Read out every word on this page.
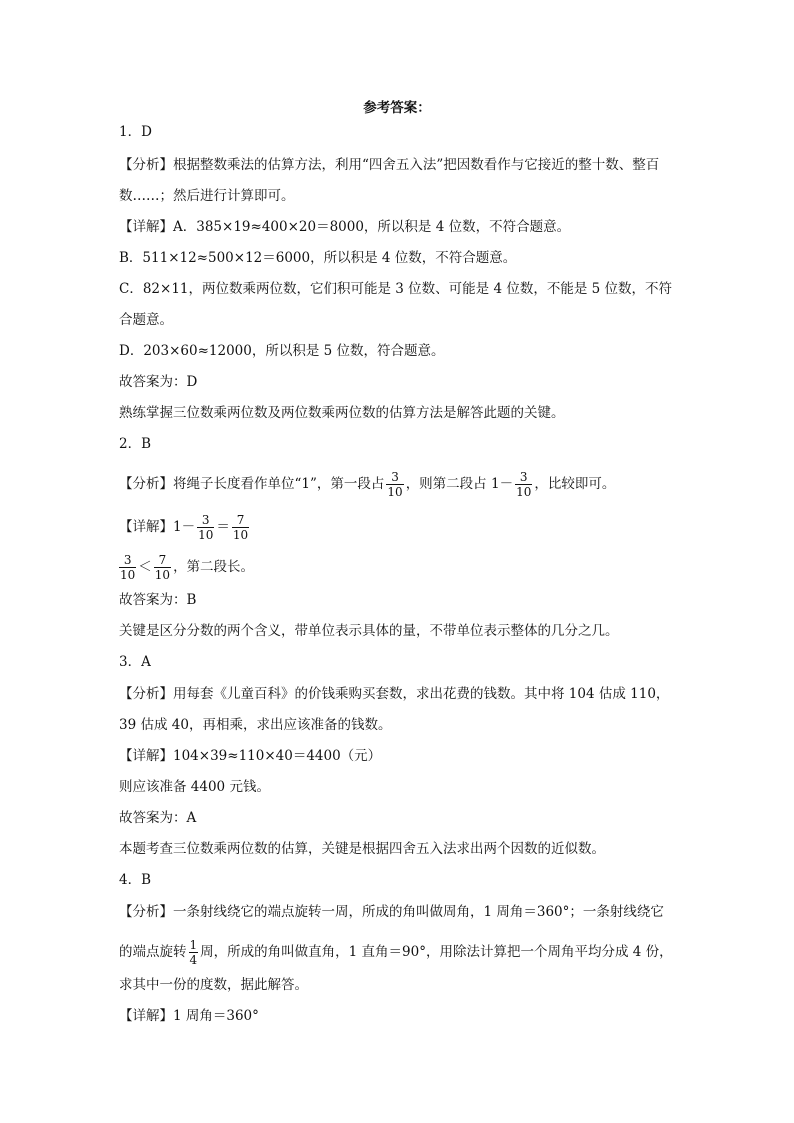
参考答案：
1．D
【分析】根据整数乘法的估算方法，利用“四舍五入法”把因数看作与它接近的整十数、整百
数……；然后进行计算即可。
【详解】A．385×19≈400×20＝8000，所以积是 4 位数，不符合题意。
B．511×12≈500×12＝6000，所以积是 4 位数，不符合题意。
C．82×11，两位数乘两位数，它们积可能是 3 位数、可能是 4 位数，不能是 5 位数，不符
合题意。
D．203×60≈12000，所以积是 5 位数，符合题意。
故答案为：D
熟练掌握三位数乘两位数及两位数乘两位数的估算方法是解答此题的关键。
2．B
【分析】将绳子长度看作单位“1”，第一段占 $\frac{3}{10}$ ，则第二段占 $1- \frac{3}{10}$ ，比较即可。
【详解】$1- \frac{3}{10} = \frac{7}{10}$
$\frac{3}{10} < \frac{7}{10}$ ，第二段长。
故答案为：B
关键是区分分数的两个含义，带单位表示具体的量，不带单位表示整体的几分之几。
3．A
【分析】用每套《儿童百科》的价钱乘购买套数，求出花费的钱数。其中将 104 估成 110，
39 估成 40，再相乘，求出应该准备的钱数。
【详解】104×39≈110×40＝4400（元）
则应该准备 4400 元钱。
故答案为：A
本题考查三位数乘两位数的估算，关键是根据四舍五入法求出两个因数的近似数。
4．B
【分析】一条射线绕它的端点旋转一周，所成的角叫做周角，1 周角＝360°；一条射线绕它
的端点旋转 $\frac{1}{4}$ 周，所成的角叫做直角，1 直角＝90°，用除法计算把一个周角平均分成 4 份，
求其中一份的度数，据此解答。
【详解】1 周角＝360°
